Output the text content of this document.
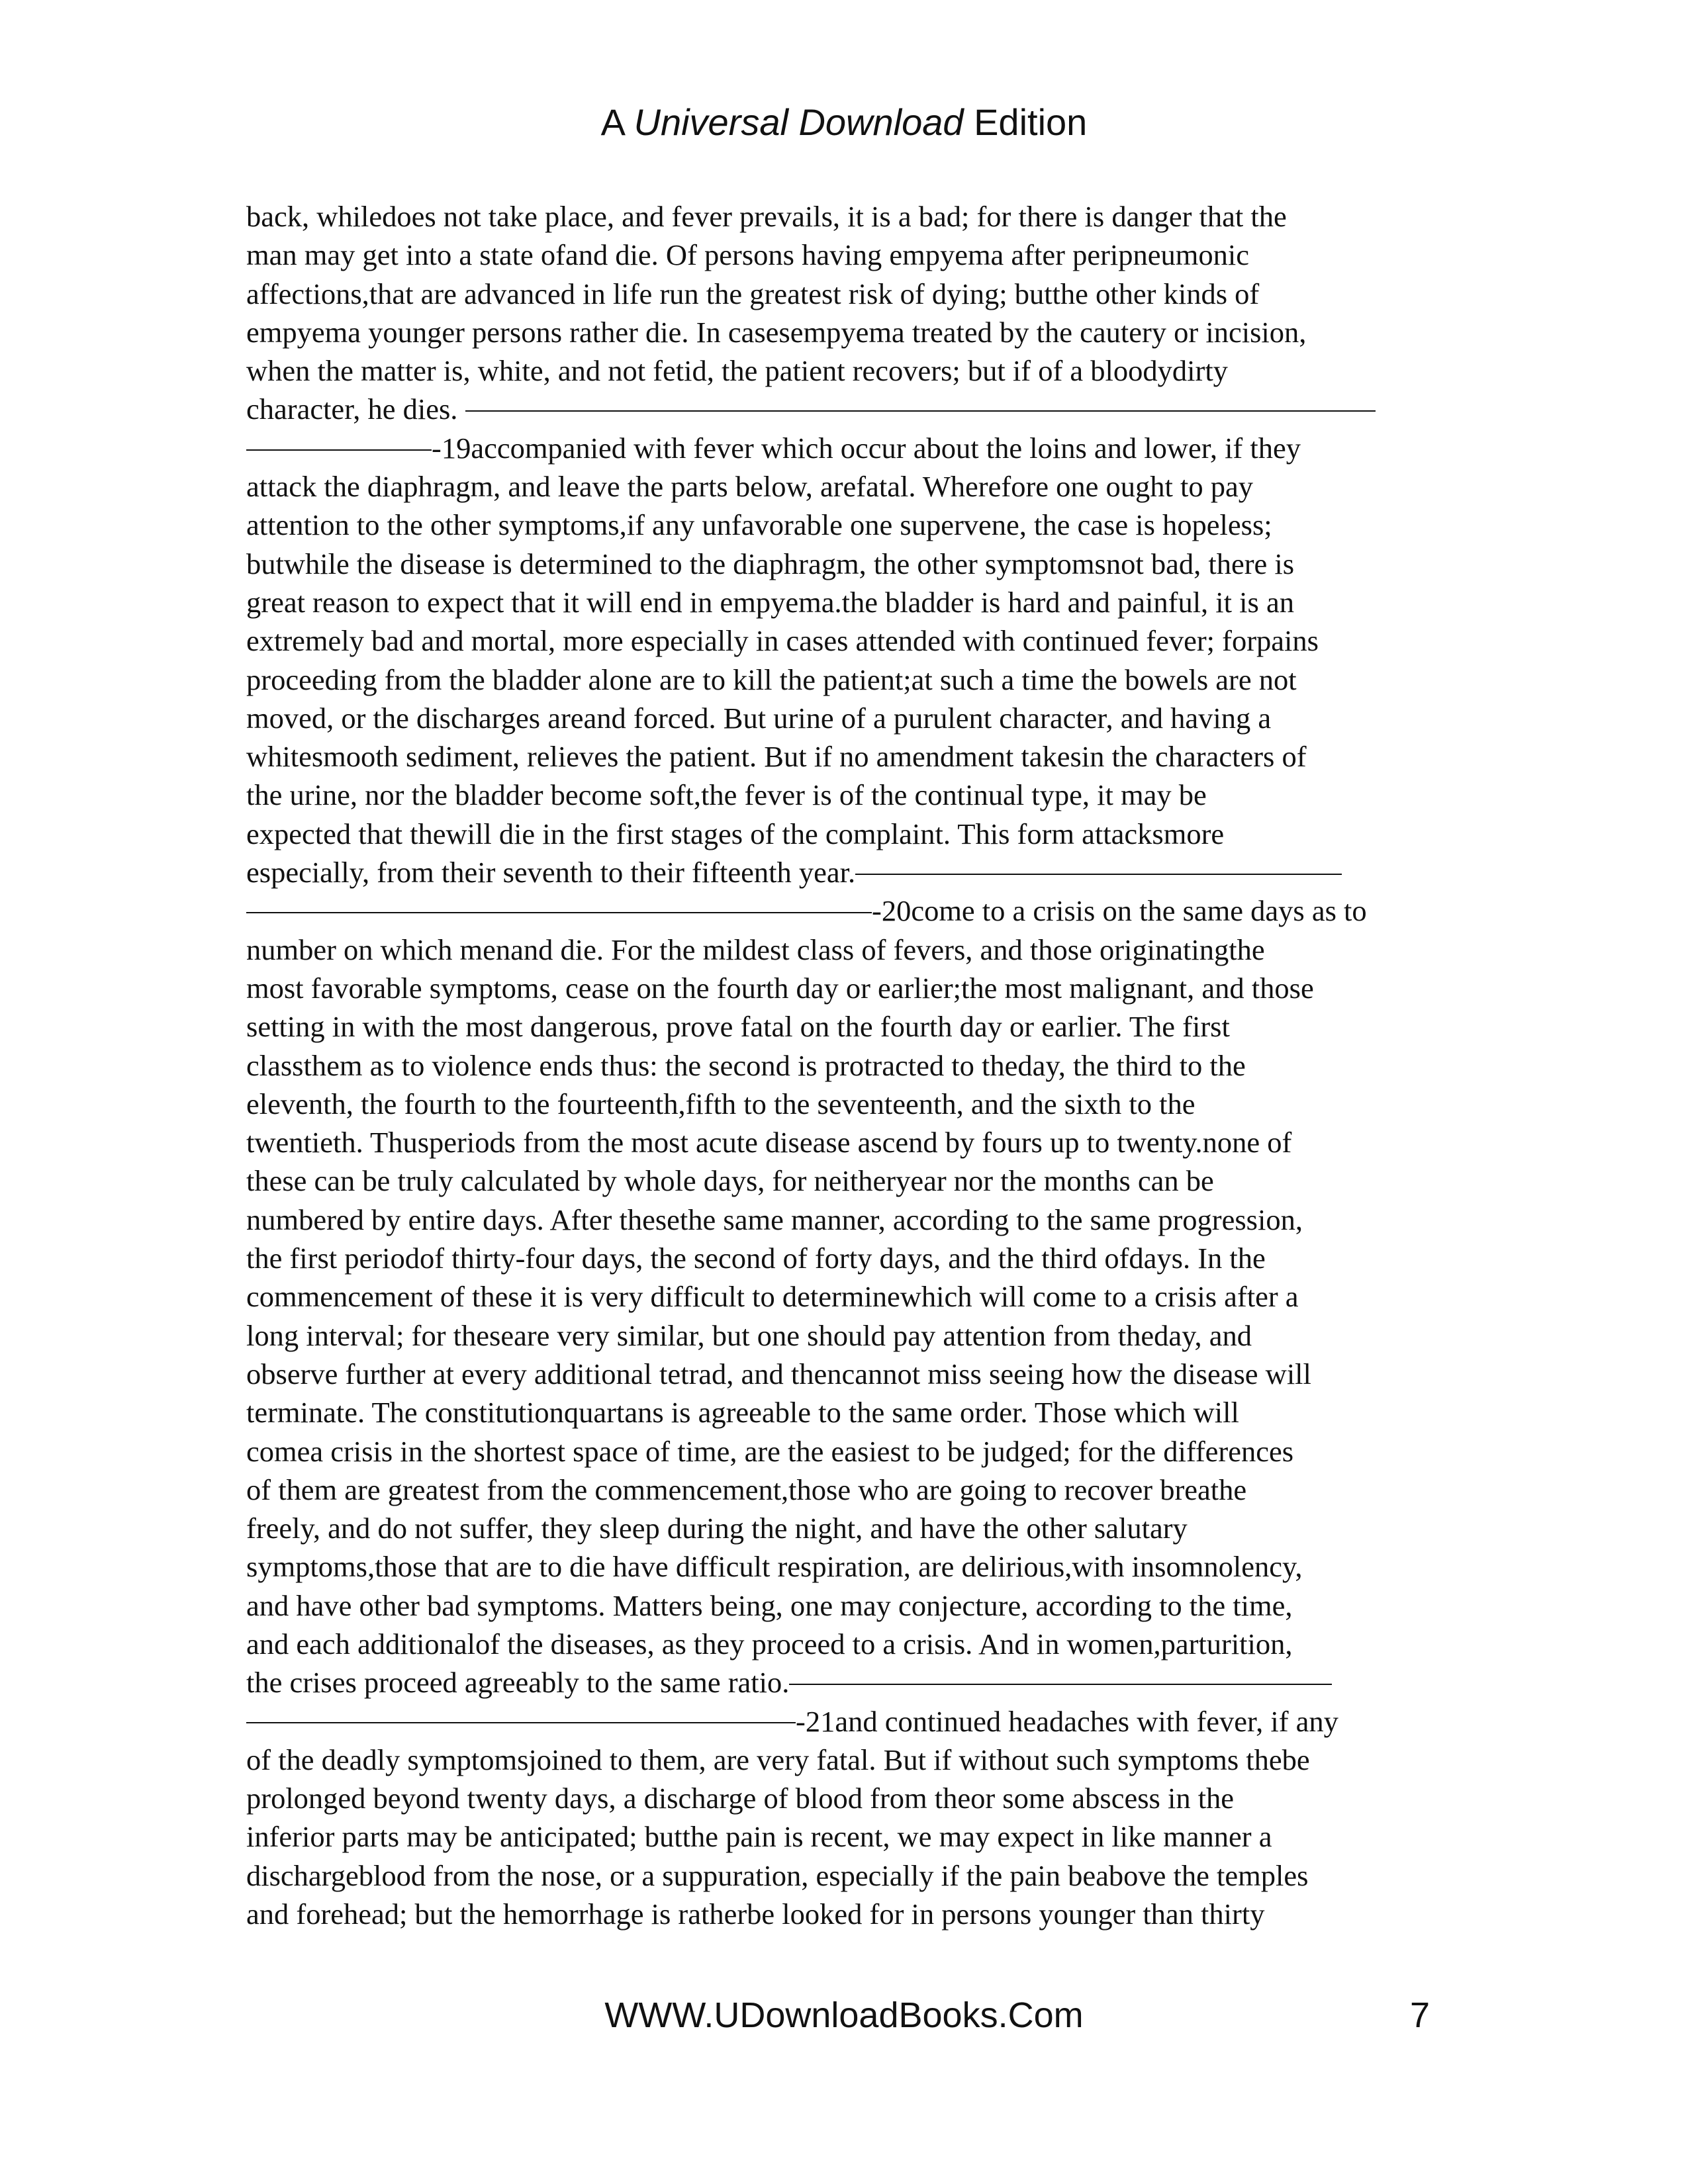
A Universal Download Edition
back, whiledoes not take place, and fever prevails, it is a bad; for there is danger that the
man may get into a state ofand die. Of persons having empyema after peripneumonic
affections,that are advanced in life run the greatest risk of dying; butthe other kinds of
empyema younger persons rather die. In casesempyema treated by the cautery or incision,
when the matter is, white, and not fetid, the patient recovers; but if of a bloodydirty
character, he dies.
-19accompanied with fever which occur about the loins and lower, if they
attack the diaphragm, and leave the parts below, arefatal. Wherefore one ought to pay
attention to the other symptoms,if any unfavorable one supervene, the case is hopeless;
butwhile the disease is determined to the diaphragm, the other symptomsnot bad, there is
great reason to expect that it will end in empyema.the bladder is hard and painful, it is an
extremely bad and mortal, more especially in cases attended with continued fever; forpains
proceeding from the bladder alone are to kill the patient;at such a time the bowels are not
moved, or the discharges areand forced. But urine of a purulent character, and having a
whitesmooth sediment, relieves the patient. But if no amendment takesin the characters of
the urine, nor the bladder become soft,the fever is of the continual type, it may be
expected that thewill die in the first stages of the complaint. This form attacksmore
especially, from their seventh to their fifteenth year.
-20come to a crisis on the same days as to
number on which menand die. For the mildest class of fevers, and those originatingthe
most favorable symptoms, cease on the fourth day or earlier;the most malignant, and those
setting in with the most dangerous, prove fatal on the fourth day or earlier. The first
classthem as to violence ends thus: the second is protracted to theday, the third to the
eleventh, the fourth to the fourteenth,fifth to the seventeenth, and the sixth to the
twentieth. Thusperiods from the most acute disease ascend by fours up to twenty.none of
these can be truly calculated by whole days, for neitheryear nor the months can be
numbered by entire days. After thesethe same manner, according to the same progression,
the first periodof thirty-four days, the second of forty days, and the third ofdays. In the
commencement of these it is very difficult to determinewhich will come to a crisis after a
long interval; for theseare very similar, but one should pay attention from theday, and
observe further at every additional tetrad, and thencannot miss seeing how the disease will
terminate. The constitutionquartans is agreeable to the same order. Those which will
comea crisis in the shortest space of time, are the easiest to be judged; for the differences
of them are greatest from the commencement,those who are going to recover breathe
freely, and do not suffer, they sleep during the night, and have the other salutary
symptoms,those that are to die have difficult respiration, are delirious,with insomnolency,
and have other bad symptoms. Matters being, one may conjecture, according to the time,
and each additionalof the diseases, as they proceed to a crisis. And in women,parturition,
the crises proceed agreeably to the same ratio.
-21and continued headaches with fever, if any
of the deadly symptomsjoined to them, are very fatal. But if without such symptoms thebe
prolonged beyond twenty days, a discharge of blood from theor some abscess in the
inferior parts may be anticipated; butthe pain is recent, we may expect in like manner a
dischargeblood from the nose, or a suppuration, especially if the pain beabove the temples
and forehead; but the hemorrhage is ratherbe looked for in persons younger than thirty
WWW.UDownloadBooks.Com	7
